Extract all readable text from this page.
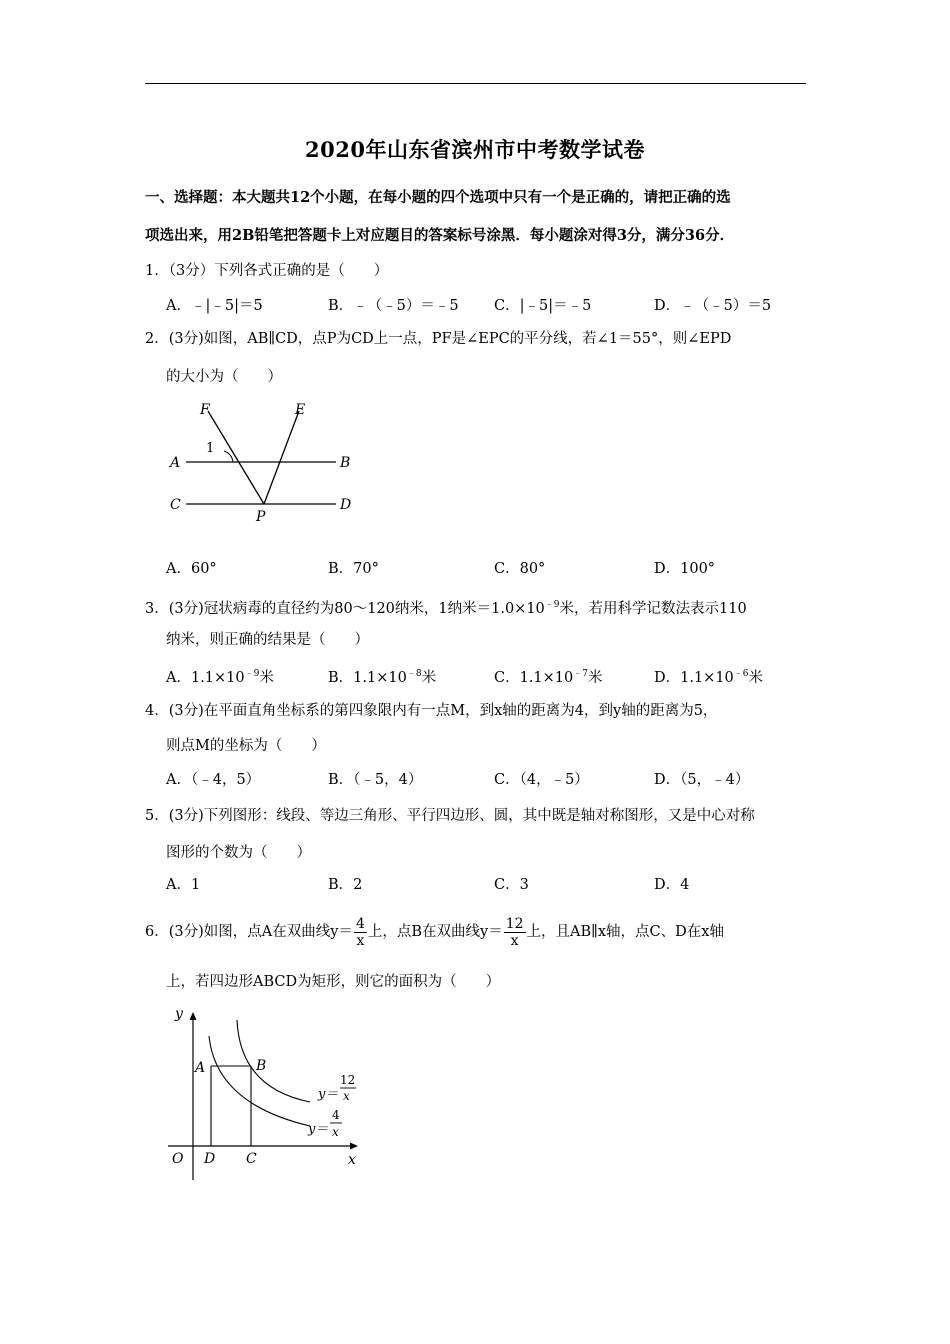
2020年山东省滨州市中考数学试卷
一、选择题：本大题共12个小题，在每小题的四个选项中只有一个是正确的，请把正确的选
项选出来，用2B铅笔把答题卡上对应题目的答案标号涂黑．每小题涂对得3分，满分36分．
1．（3分）下列各式正确的是（　　）
A．﹣|﹣5|＝5	B．﹣（﹣5）＝﹣5 C．|﹣5|＝﹣5	D．﹣（﹣5）＝5
2．(3分)如图，AB∥CD，点P为CD上一点，PF是∠EPC的平分线，若∠1＝55°，则∠EPD
的大小为（　　）
F	E
A	B
C	D
P
1
A．60°	B．70°	C．80°	D．100°
3．(3分)冠状病毒的直径约为80～120纳米，1纳米$=1.0\times 10^{﹣9}$米，若用科学记数法表示110
纳米，则正确的结果是（　　）
A．$1.1\times 10^{﹣9}$米	B．$1.1\times 10^{﹣8}$米	C．$1.1\times 10^{﹣7}$米	D．$1.1\times 10^{﹣6}$米
4．(3分)在平面直角坐标系的第四象限内有一点M，到x轴的距离为4，到y轴的距离为5，
则点M的坐标为（　　）
A．（﹣4，5）	B．（﹣5，4）	C．（4，﹣5）	D．（5，﹣4）
5．(3分)下列图形：线段、等边三角形、平行四边形、圆，其中既是轴对称图形，又是中心对称
图形的个数为（　　）
A．1	B．2	C．3	D．4
6．(3分)如图，点A在双曲线$y= \frac{4}{x}$ 上，点B在双曲线$y= \frac{12}{x}$ 上，且AB∥x轴，点C、D在x轴
上，若四边形ABCD为矩形，则它的面积为（　　）
y
x
O
A	B
C
D
y＝
12
x
y＝
4
x
